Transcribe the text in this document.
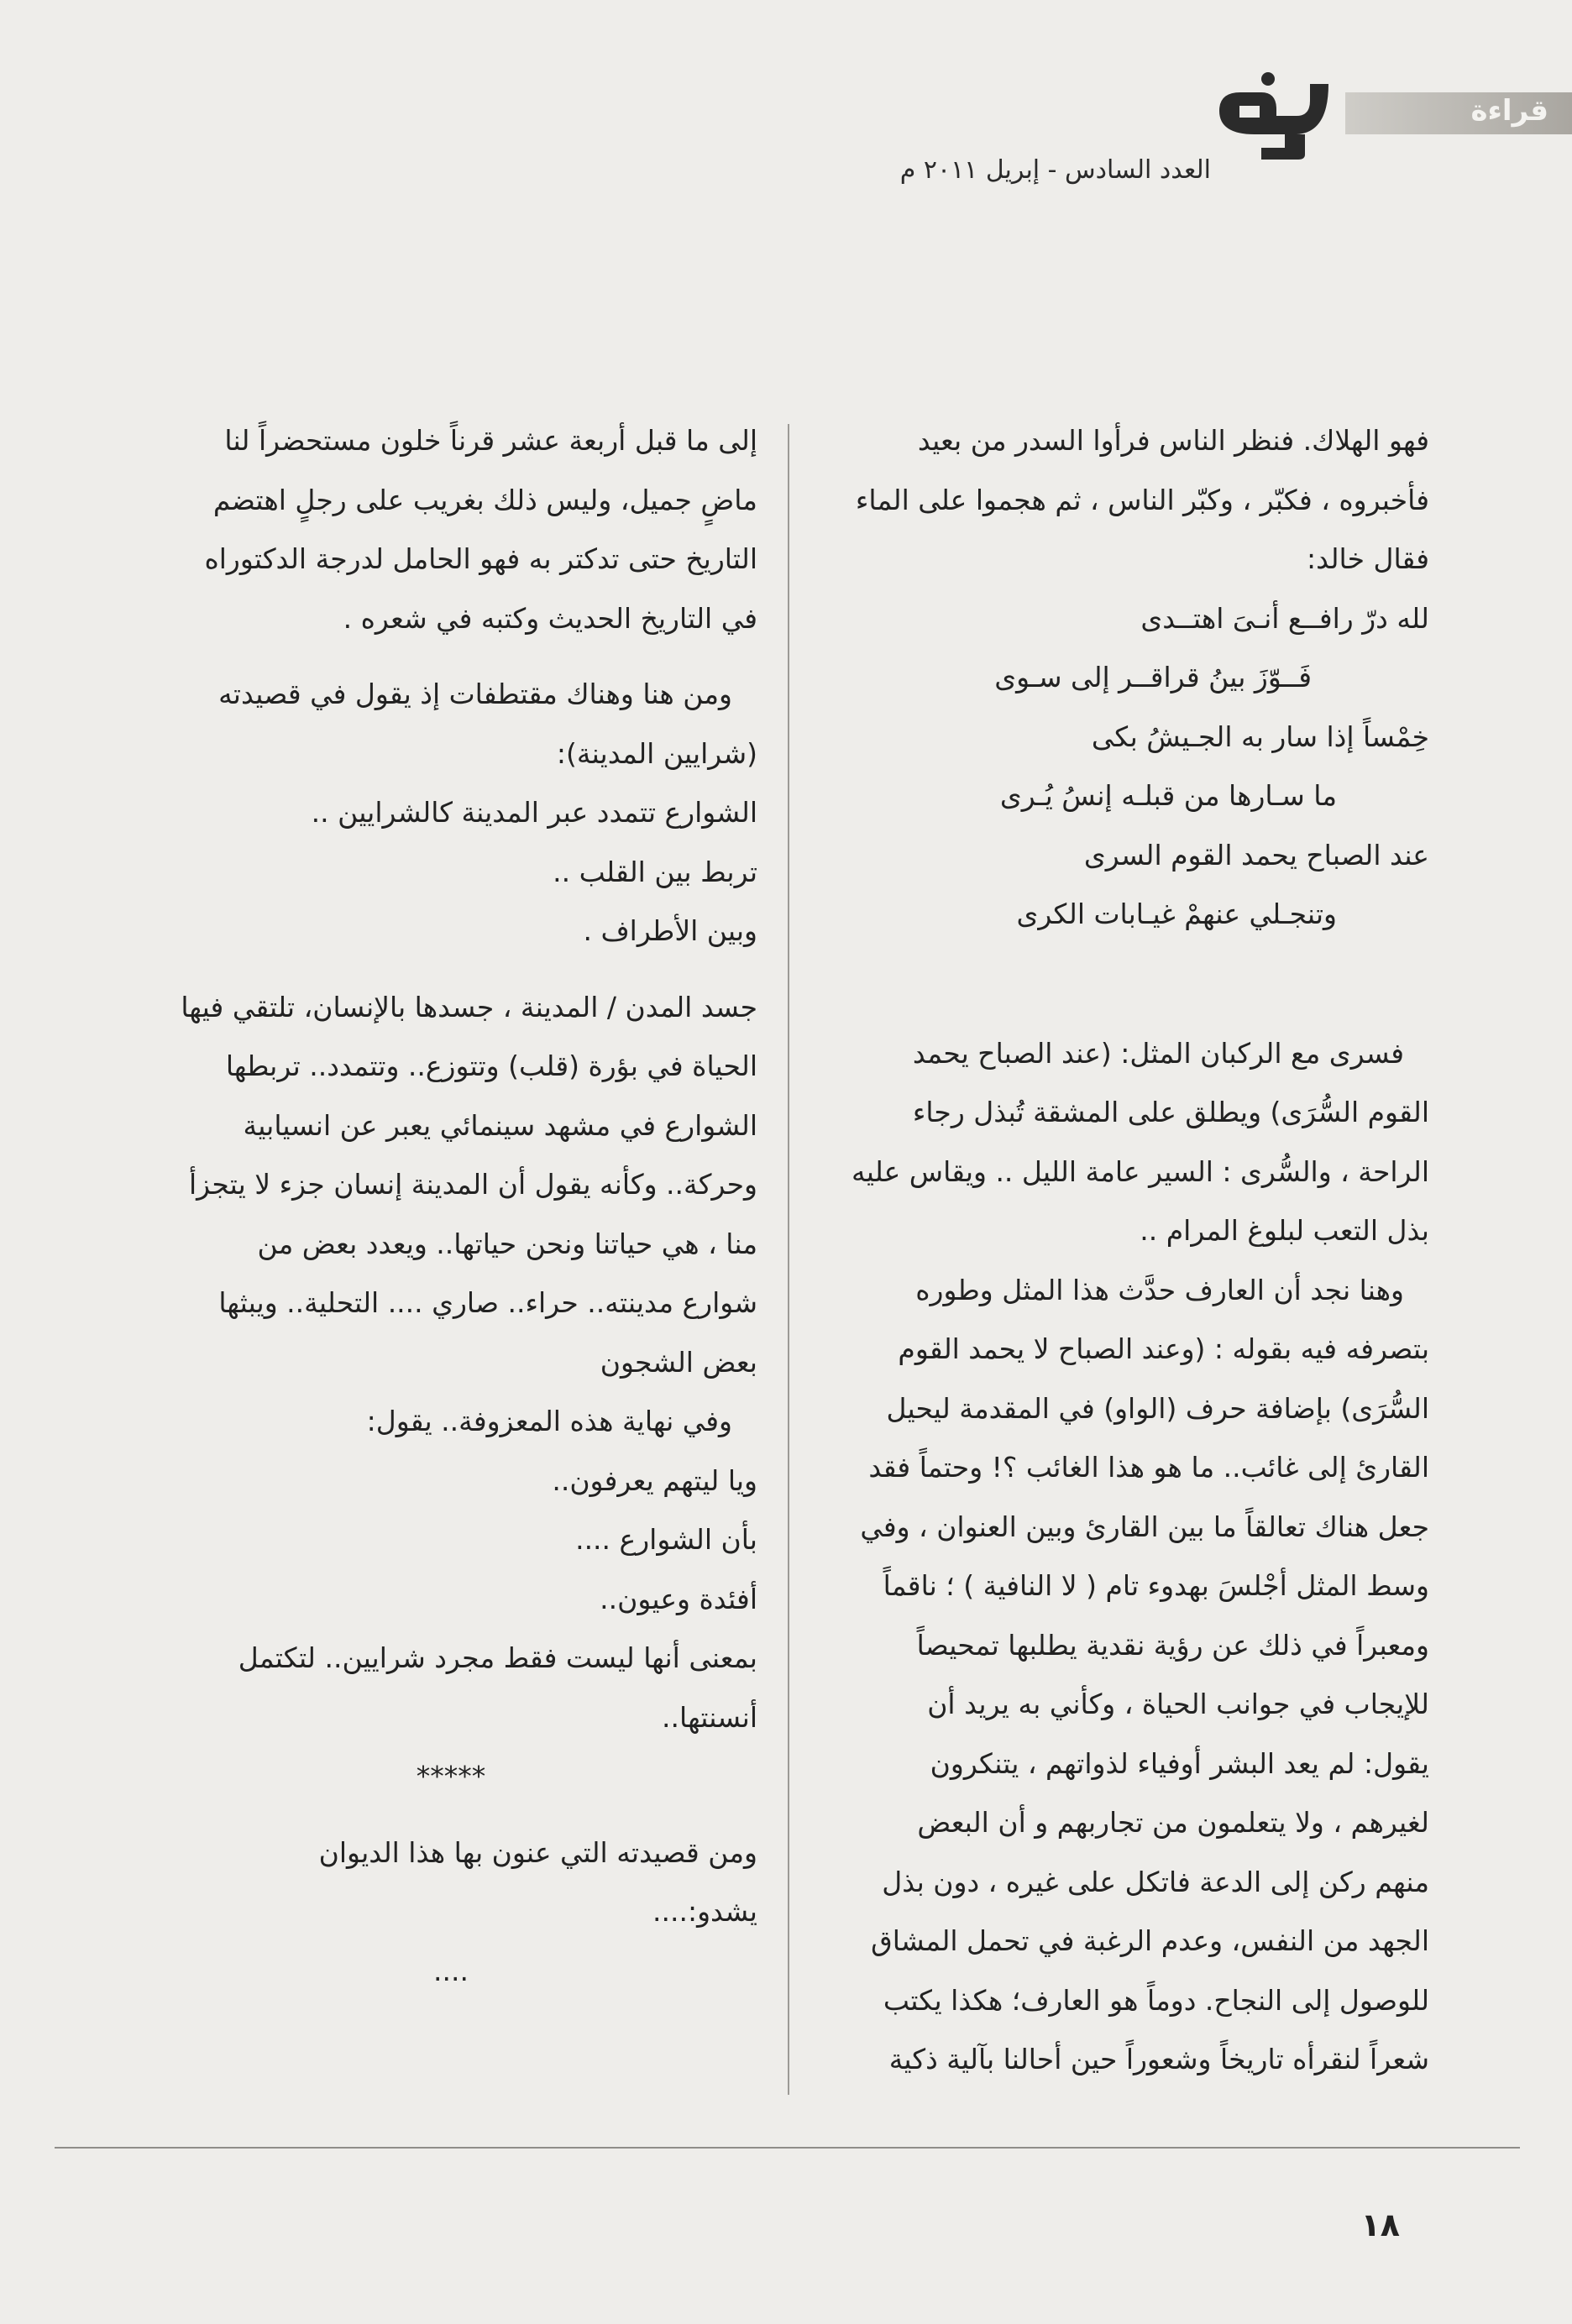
قراءة
العدد السادس - إبريل ٢٠١١ م
فهو الهلاك. فنظر الناس فرأوا السدر من بعيد
فأخبروه ، فكبّر ، وكبّر الناس ، ثم هجموا على الماء
فقال خالد:
لله درّ رافــع أنـىَ اهتــدى
فَــوّزَ بينُ قراقــر إلى سـوى
خِمْساً إذا سار به الجـيشُ بكى
ما سـارها من قبلـه إنسُ يُـرى
عند الصباح يحمد القوم السرى
وتنجـلي عنهمْ غيـابات الكرى
فسرى مع الركبان المثل: (عند الصباح يحمد
القوم السُّرَى) ويطلق على المشقة تُبذل رجاء
الراحة ، والسُّرى : السير عامة الليل .. ويقاس عليه
بذل التعب لبلوغ المرام ..
وهنا نجد أن العارف حدَّث هذا المثل وطوره
بتصرفه فيه بقوله : (وعند الصباح لا يحمد القوم
السُّرَى) بإضافة حرف (الواو) في المقدمة ليحيل
القارئ إلى غائب.. ما هو هذا الغائب ؟! وحتماً فقد
جعل هناك تعالقاً ما بين القارئ وبين العنوان ، وفي
وسط المثل أجْلسَ بهدوء تام ( لا النافية ) ؛ ناقماً
ومعبراً في ذلك عن رؤية نقدية يطلبها تمحيصاً
للإيجاب في جوانب الحياة ، وكأني به يريد أن
يقول: لم يعد البشر أوفياء لذواتهم ، يتنكرون
لغيرهم ، ولا يتعلمون من تجاربهم و أن البعض
منهم ركن إلى الدعة فاتكل على غيره ، دون بذل
الجهد من النفس، وعدم الرغبة في تحمل المشاق
للوصول إلى النجاح. دوماً هو العارف؛ هكذا يكتب
شعراً لنقرأه تاريخاً وشعوراً حين أحالنا بآلية ذكية
إلى ما قبل أربعة عشر قرناً خلون مستحضراً لنا
ماضٍ جميل، وليس ذلك بغريب على رجلٍ اهتضم
التاريخ حتى تدكتر به فهو الحامل لدرجة الدكتوراه
في التاريخ الحديث وكتبه في شعره .
ومن هنا وهناك مقتطفات إذ يقول في قصيدته
(شرايين المدينة):
الشوارع تتمدد عبر المدينة كالشرايين ..
تربط بين القلب ..
وبين الأطراف .
جسد المدن / المدينة ، جسدها بالإنسان، تلتقي فيها
الحياة في بؤرة (قلب) وتتوزع.. وتتمدد.. تربطها
الشوارع في مشهد سينمائي يعبر عن انسيابية
وحركة.. وكأنه يقول أن المدينة إنسان جزء لا يتجزأ
منا ، هي حياتنا ونحن حياتها.. ويعدد بعض من
شوارع مدينته.. حراء.. صاري .... التحلية.. ويبثها
بعض الشجون
وفي نهاية هذه المعزوفة.. يقول:
ويا ليتهم يعرفون..
بأن الشوارع ....
أفئدة وعيون..
بمعنى أنها ليست فقط مجرد شرايين.. لتكتمل
أنسنتها..
*****
ومن قصيدته التي عنون بها هذا الديوان
يشدو:....
....
١٨
